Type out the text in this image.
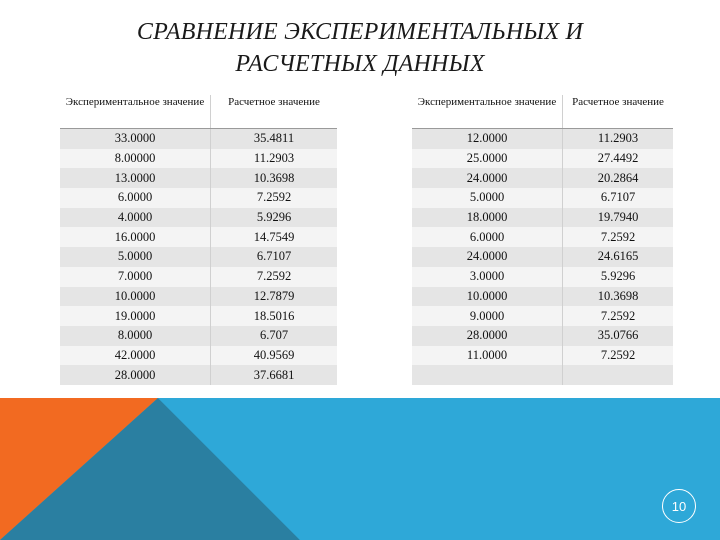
СРАВНЕНИЕ ЭКСПЕРИМЕНТАЛЬНЫХ И
РАСЧЕТНЫХ ДАННЫХ
Экспериментальное значение	Расчетное значение
33.0000	35.4811
8.00000	11.2903
13.0000	10.3698
6.0000	7.2592
4.0000	5.9296
16.0000	14.7549
5.0000	6.7107
7.0000	7.2592
10.0000	12.7879
19.0000	18.5016
8.0000	6.707
42.0000	40.9569
28.0000	37.6681
Экспериментальное значение	Расчетное значение
12.0000	11.2903
25.0000	27.4492
24.0000	20.2864
5.0000	6.7107
18.0000	19.7940
6.0000	7.2592
24.0000	24.6165
3.0000	5.9296
10.0000	10.3698
9.0000	7.2592
28.0000	35.0766
11.0000	7.2592

10
